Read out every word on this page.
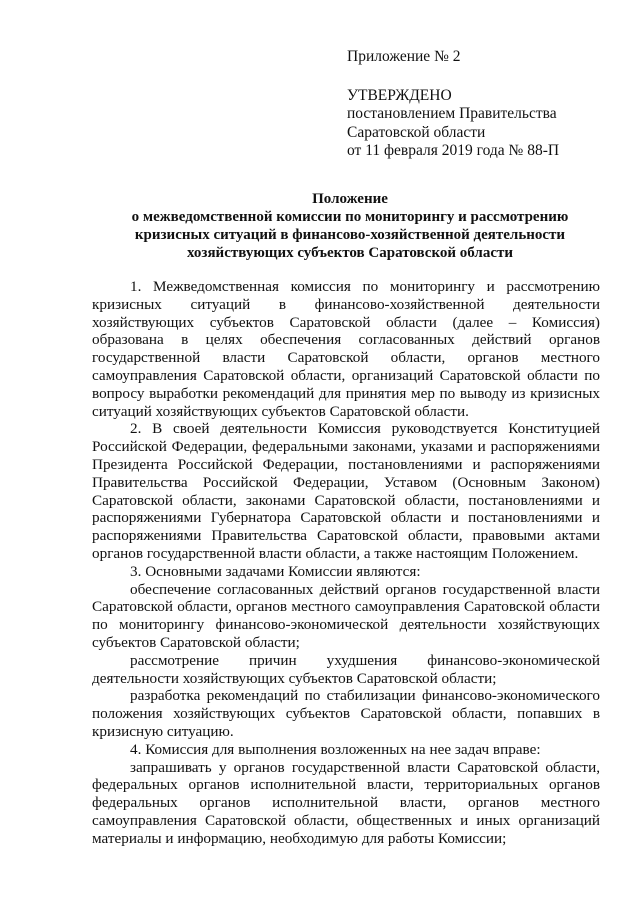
Приложение № 2
УТВЕРЖДЕНО
постановлением Правительства
Саратовской области
от 11 февраля 2019 года № 88-П
Положение
о межведомственной комиссии по мониторингу и рассмотрению
кризисных ситуаций в финансово-хозяйственной деятельности
хозяйствующих субъектов Саратовской области

1. Межведомственная комиссия по мониторингу и рассмотрению кризисных ситуаций в финансово-хозяйственной деятельности хозяйствующих субъектов Саратовской области (далее – Комиссия) образована в целях обеспечения согласованных действий органов государственной власти Саратовской области, органов местного самоуправления Саратовской области, организаций Саратовской области по вопросу выработки рекомендаций для принятия мер по выводу из кризисных ситуаций хозяйствующих субъектов Саратовской области.

2. В своей деятельности Комиссия руководствуется Конституцией Российской Федерации, федеральными законами, указами и распоряжениями Президента Российской Федерации, постановлениями и распоряжениями Правительства Российской Федерации, Уставом (Основным Законом) Саратовской области, законами Саратовской области, постановлениями и распоряжениями Губернатора Саратовской области и постановлениями и распоряжениями Правительства Саратовской области, правовыми актами органов государственной власти области, а также настоящим Положением.

3. Основными задачами Комиссии являются:

обеспечение согласованных действий органов государственной власти Саратовской области, органов местного самоуправления Саратовской области по мониторингу финансово-экономической деятельности хозяйствующих субъектов Саратовской области;

рассмотрение причин ухудшения финансово-экономической деятельности хозяйствующих субъектов Саратовской области;

разработка рекомендаций по стабилизации финансово-экономического положения хозяйствующих субъектов Саратовской области, попавших в кризисную ситуацию.

4. Комиссия для выполнения возложенных на нее задач вправе:

запрашивать у органов государственной власти Саратовской области, федеральных органов исполнительной власти, территориальных органов федеральных органов исполнительной власти, органов местного самоуправления Саратовской области, общественных и иных организаций материалы и информацию, необходимую для работы Комиссии;
